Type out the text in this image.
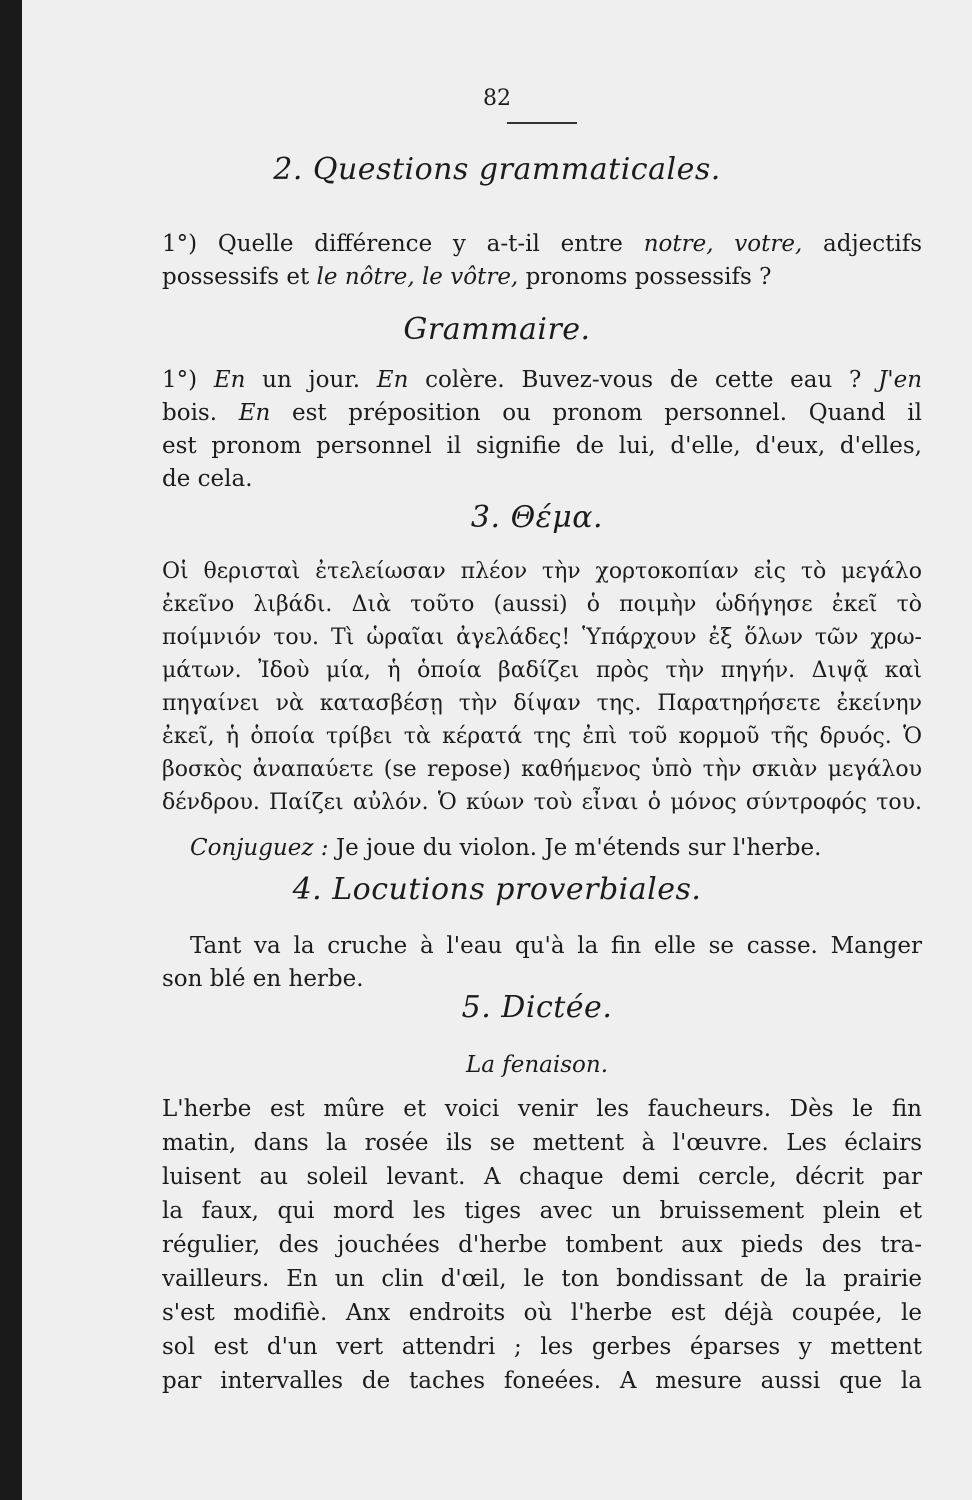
82
2. Questions grammaticales.
1°) Quelle différence y a-t-il entre notre, votre, adjectifs
possessifs et le nôtre, le vôtre, pronoms possessifs ?
Grammaire.
1°) En un jour. En colère. Buvez-vous de cette eau ? J'en
bois. En est préposition ou pronom personnel. Quand il
est pronom personnel il signifie de lui, d'elle, d'eux, d'elles,
de cela.
3. Θέμα.
Οἱ θερισταὶ ἐτελείωσαν πλέον τὴν χορτοκοπίαν εἰς τὸ μεγάλο
ἐκεῖνο λιβάδι. Διὰ τοῦτο (aussi) ὁ ποιμὴν ὡδήγησε ἐκεῖ τὸ
ποίμνιόν του. Τὶ ὡραῖαι ἀγελάδες! Ὑπάρχουν ἐξ ὅλων τῶν χρω-
μάτων. Ἰδοὺ μία, ἡ ὁποία βαδίζει πρὸς τὴν πηγήν. Διψᾷ καὶ
πηγαίνει νὰ κατασβέσῃ τὴν δίψαν της. Παρατηρήσετε ἐκείνην
ἐκεῖ, ἡ ὁποία τρίβει τὰ κέρατά της ἐπὶ τοῦ κορμοῦ τῆς δρυός. Ὁ
βοσκὸς ἀναπαύετε (se repose) καθήμενος ὑπὸ τὴν σκιὰν μεγάλου
δένδρου. Παίζει αὐλόν. Ὁ κύων τοὺ εἶναι ὁ μόνος σύντροφός του.
Conjuguez : Je joue du violon. Je m'étends sur l'herbe.
4. Locutions proverbiales.
Tant va la cruche à l'eau qu'à la fin elle se casse. Manger
son blé en herbe.
5. Dictée.
La fenaison.
L'herbe est mûre et voici venir les faucheurs. Dès le fin
matin, dans la rosée ils se mettent à l'œuvre. Les éclairs
luisent au soleil levant. A chaque demi cercle, décrit par
la faux, qui mord les tiges avec un bruissement plein et
régulier, des jouchées d'herbe tombent aux pieds des tra-
vailleurs. En un clin d'œil, le ton bondissant de la prairie
s'est modifiè. Anx endroits où l'herbe est déjà coupée, le
sol est d'un vert attendri ; les gerbes éparses y mettent
par intervalles de taches foneées. A mesure aussi que la
